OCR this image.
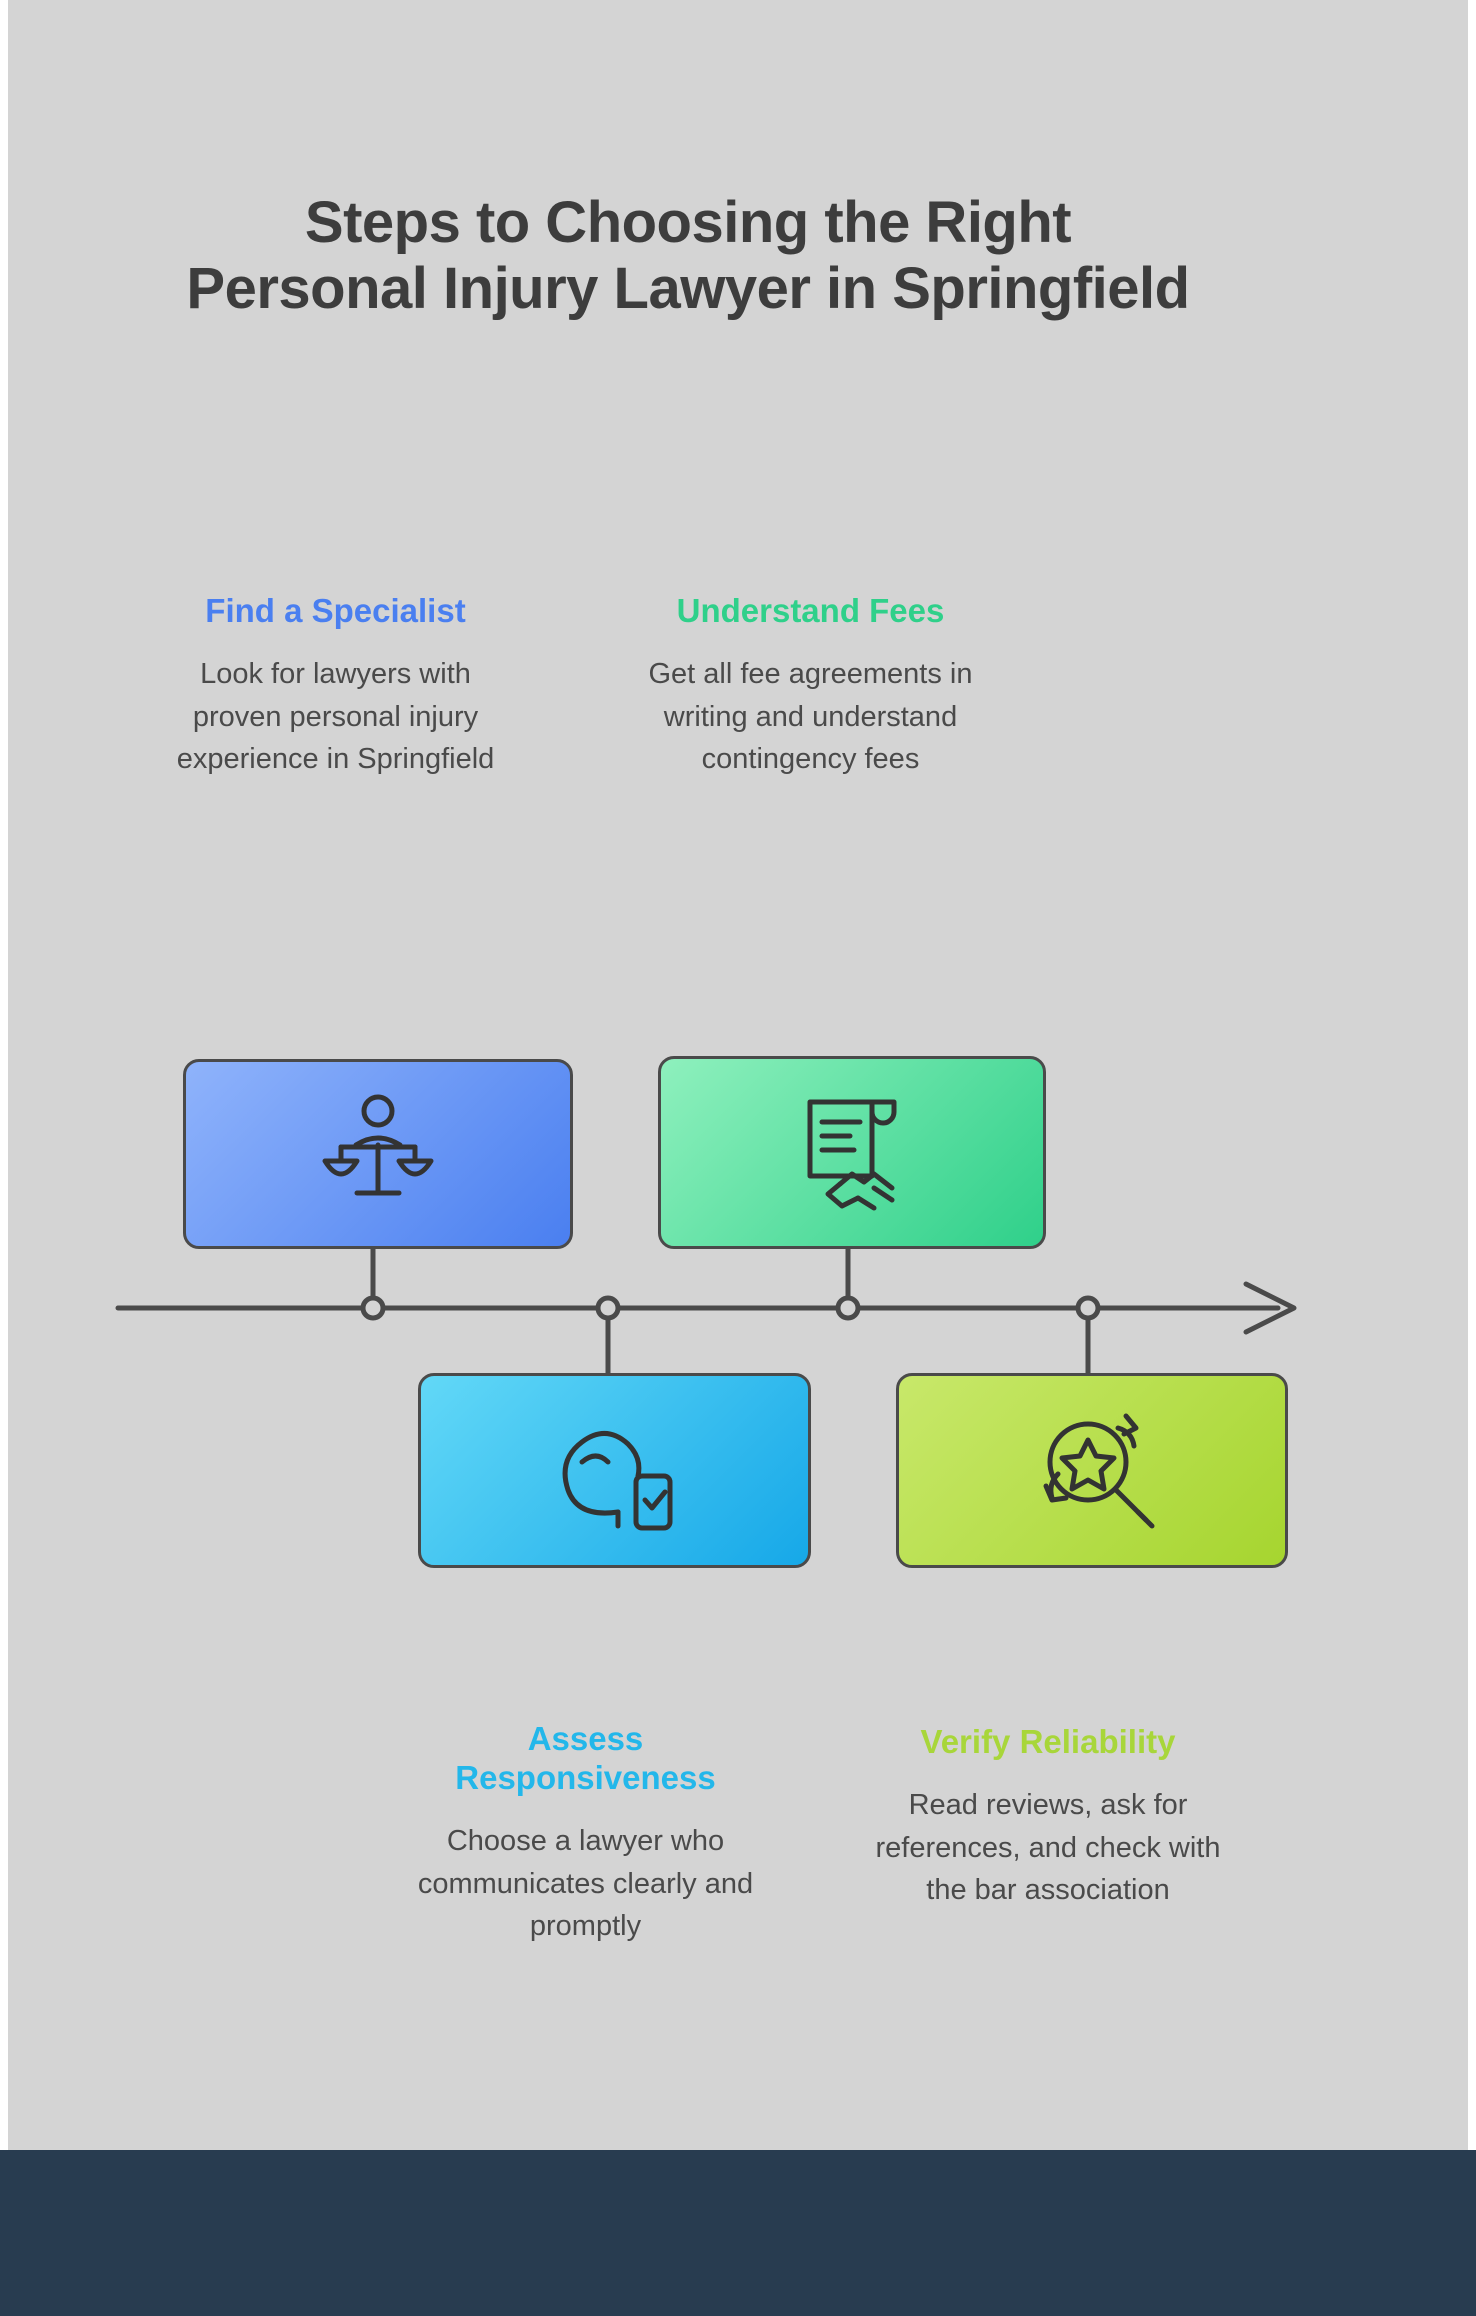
Steps to Choosing the Right Personal Injury Lawyer in Springfield
Find a Specialist
Look for lawyers with proven personal injury experience in Springfield
Understand Fees
Get all fee agreements in writing and understand contingency fees
Assess Responsiveness
Choose a lawyer who communicates clearly and promptly
Verify Reliability
Read reviews, ask for references, and check with the bar association
